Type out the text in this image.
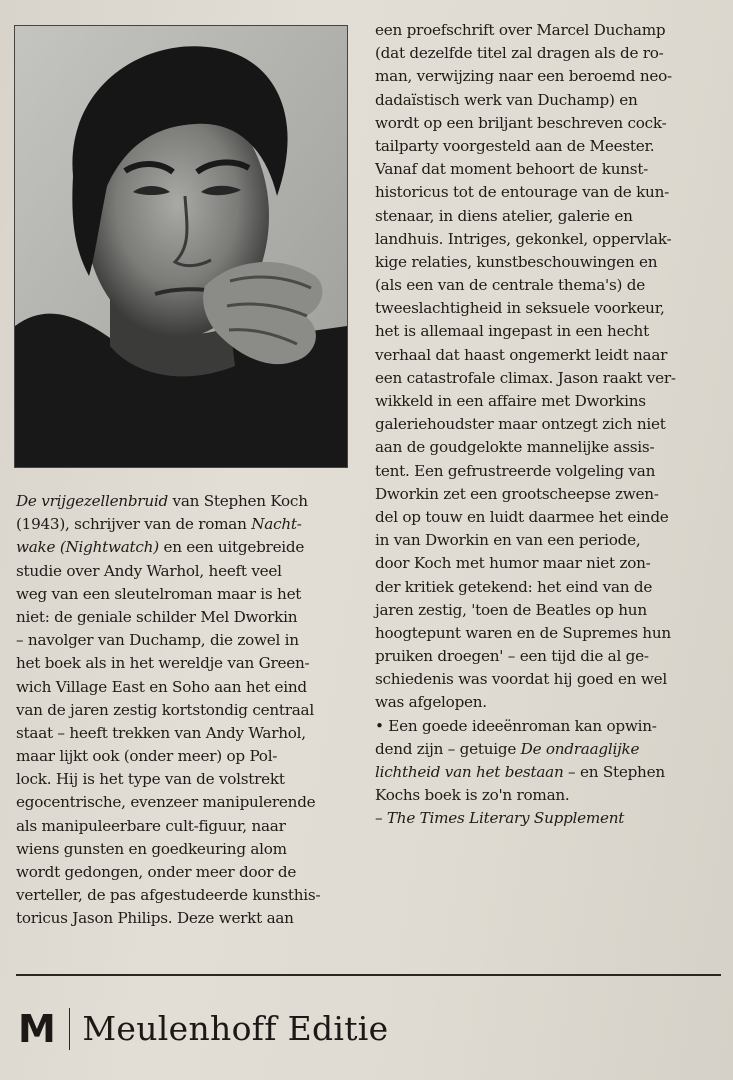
De vrijgezellenbruid van Stephen Koch
(1943), schrijver van de roman Nacht-
wake (Nightwatch) en een uitgebreide
studie over Andy Warhol, heeft veel
weg van een sleutelroman maar is het
niet: de geniale schilder Mel Dworkin
– navolger van Duchamp, die zowel in
het boek als in het wereldje van Green-
wich Village East en Soho aan het eind
van de jaren zestig kortstondig centraal
staat – heeft trekken van Andy Warhol,
maar lijkt ook (onder meer) op Pol-
lock. Hij is het type van de volstrekt
egocentrische, evenzeer manipulerende
als manipuleerbare cult-figuur, naar
wiens gunsten en goedkeuring alom
wordt gedongen, onder meer door de
verteller, de pas afgestudeerde kunsthis-
toricus Jason Philips. Deze werkt aan
een proefschrift over Marcel Duchamp
(dat dezelfde titel zal dragen als de ro-
man, verwijzing naar een beroemd neo-
dadaïstisch werk van Duchamp) en
wordt op een briljant beschreven cock-
tailparty voorgesteld aan de Meester.
Vanaf dat moment behoort de kunst-
historicus tot de entourage van de kun-
stenaar, in diens atelier, galerie en
landhuis. Intriges, gekonkel, oppervlak-
kige relaties, kunstbeschouwingen en
(als een van de centrale thema's) de
tweeslachtigheid in seksuele voorkeur,
het is allemaal ingepast in een hecht
verhaal dat haast ongemerkt leidt naar
een catastrofale climax. Jason raakt ver-
wikkeld in een affaire met Dworkins
galeriehoudster maar ontzegt zich niet
aan de goudgelokte mannelijke assis-
tent. Een gefrustreerde volgeling van
Dworkin zet een grootscheepse zwen-
del op touw en luidt daarmee het einde
in van Dworkin en van een periode,
door Koch met humor maar niet zon-
der kritiek getekend: het eind van de
jaren zestig, 'toen de Beatles op hun
hoogtepunt waren en de Supremes hun
pruiken droegen' – een tijd die al ge-
schiedenis was voordat hij goed en wel
was afgelopen.
• Een goede ideeënroman kan opwin-
dend zijn – getuige De ondraaglijke
lichtheid van het bestaan – en Stephen
Kochs boek is zo'n roman.
– The Times Literary Supplement
M Meulenhoff Editie
